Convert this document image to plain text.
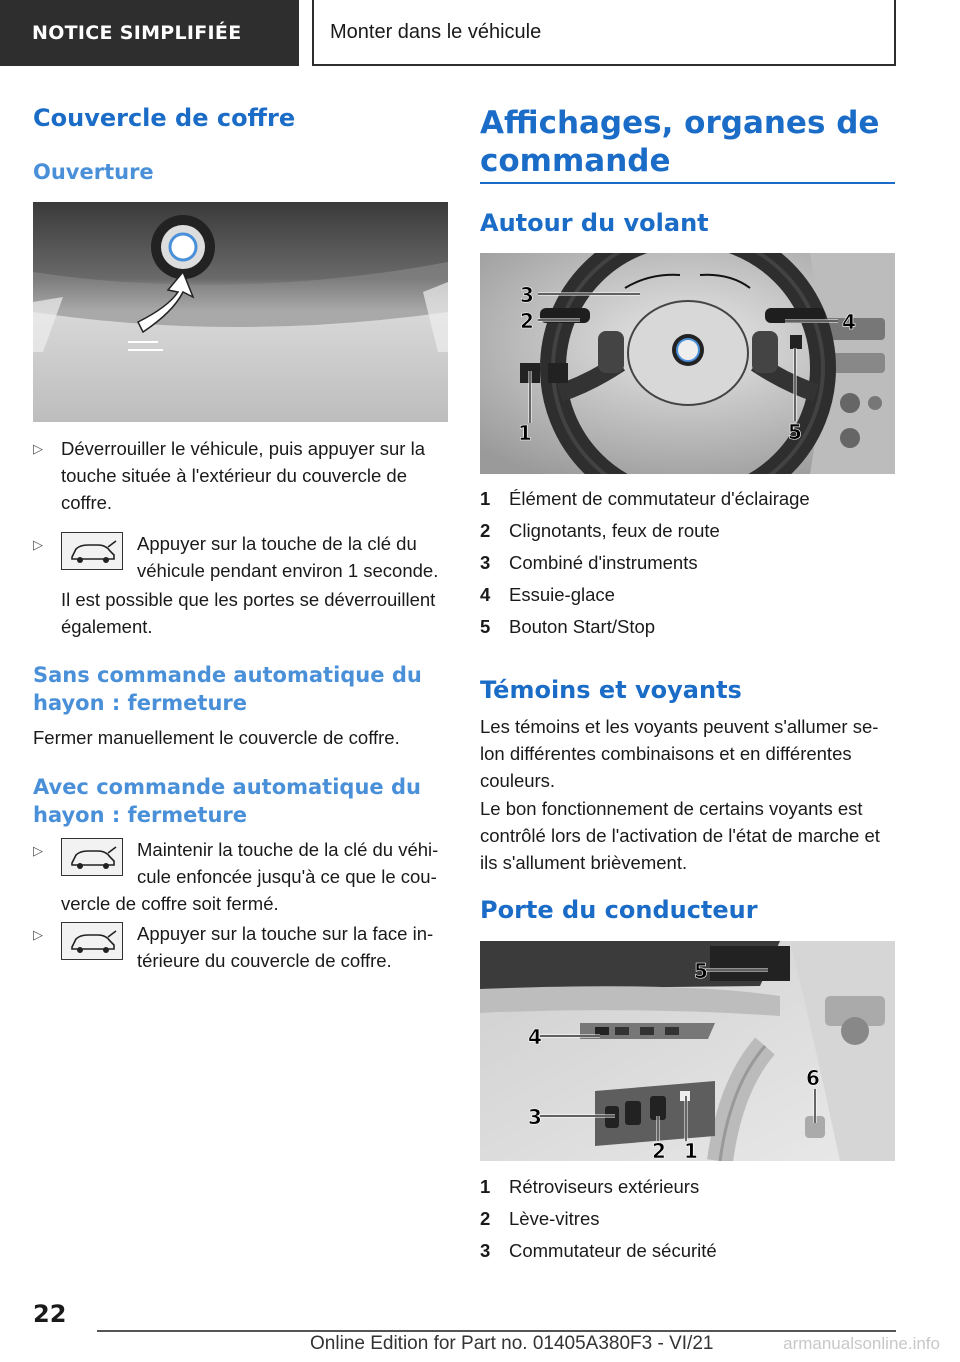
NOTICE SIMPLIFIÉE	Monter dans le véhicule
Couvercle de coffre
Ouverture
▷ Déverrouiller le véhicule, puis appuyer sur la touche située à l'extérieur du couvercle de coffre.
▷	Appuyer sur la touche de la clé du véhicule pendant environ 1 seconde.
Il est possible que les portes se déverrouillent également.
Sans commande automatique du
hayon : fermeture
Fermer manuellement le couvercle de coffre.
Avec commande automatique du
hayon : fermeture
▷	Maintenir la touche de la clé du véhi-
cule enfoncée jusqu'à ce que le cou-
vercle de coffre soit fermé.
▷	Appuyer sur la touche sur la face in-
térieure du couvercle de coffre.
Affichages, organes de
commande
Autour du volant
1
2
3
4
5
1 Élément de commutateur d'éclairage
2 Clignotants, feux de route
3 Combiné d'instruments
4 Essuie-glace
5 Bouton Start/Stop
Témoins et voyants
Les témoins et les voyants peuvent s'allumer se-
lon différentes combinaisons et en différentes
couleurs.
Le bon fonctionnement de certains voyants est
contrôlé lors de l'activation de l'état de marche et
ils s'allument brièvement.
Porte du conducteur
1
2
3
4
5
6
1 Rétroviseurs extérieurs
2 Lève-vitres
3 Commutateur de sécurité
22
Online Edition for Part no. 01405A380F3 - VI/21	armanualsonline.info
